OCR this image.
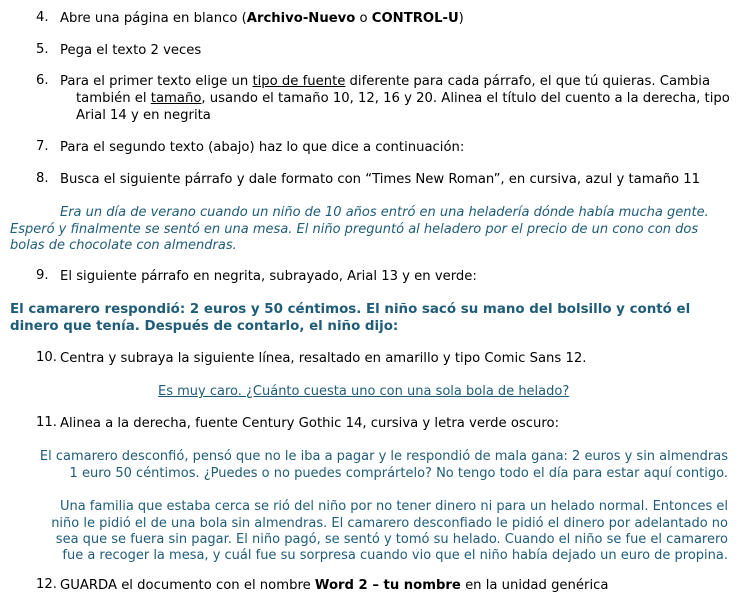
4. Abre una página en blanco (Archivo-Nuevo o CONTROL-U)
5. Pega el texto 2 veces
6. Para el primer texto elige un tipo de fuente diferente para cada párrafo, el que tú quieras. Cambia
también el tamaño, usando el tamaño 10, 12, 16 y 20. Alinea el título del cuento a la derecha, tipo
Arial 14 y en negrita
7. Para el segundo texto (abajo) haz lo que dice a continuación:
8. Busca el siguiente párrafo y dale formato con “Times New Roman”, en cursiva, azul y tamaño 11
Era un día de verano cuando un niño de 10 años entró en una heladería dónde había mucha gente.
Esperó y finalmente se sentó en una mesa. El niño preguntó al heladero por el precio de un cono con dos
bolas de chocolate con almendras.
9. El siguiente párrafo en negrita, subrayado, Arial 13 y en verde:
El camarero respondió: 2 euros y 50 céntimos. El niño sacó su mano del bolsillo y contó el
dinero que tenía. Después de contarlo, el niño dijo:
10. Centra y subraya la siguiente línea, resaltado en amarillo y tipo Comic Sans 12.
Es muy caro. ¿Cuánto cuesta uno con una sola bola de helado?
11. Alinea a la derecha, fuente Century Gothic 14, cursiva y letra verde oscuro:
El camarero desconfió, pensó que no le iba a pagar y le respondió de mala gana: 2 euros y sin almendras
1 euro 50 céntimos. ¿Puedes o no puedes comprártelo? No tengo todo el día para estar aquí contigo.
Una familia que estaba cerca se rió del niño por no tener dinero ni para un helado normal. Entonces el
niño le pidió el de una bola sin almendras. El camarero desconfiado le pidió el dinero por adelantado no
sea que se fuera sin pagar. El niño pagó, se sentó y tomó su helado. Cuando el niño se fue el camarero
fue a recoger la mesa, y cuál fue su sorpresa cuando vio que el niño había dejado un euro de propina.
12. GUARDA el documento con el nombre Word 2 – tu nombre en la unidad genérica
